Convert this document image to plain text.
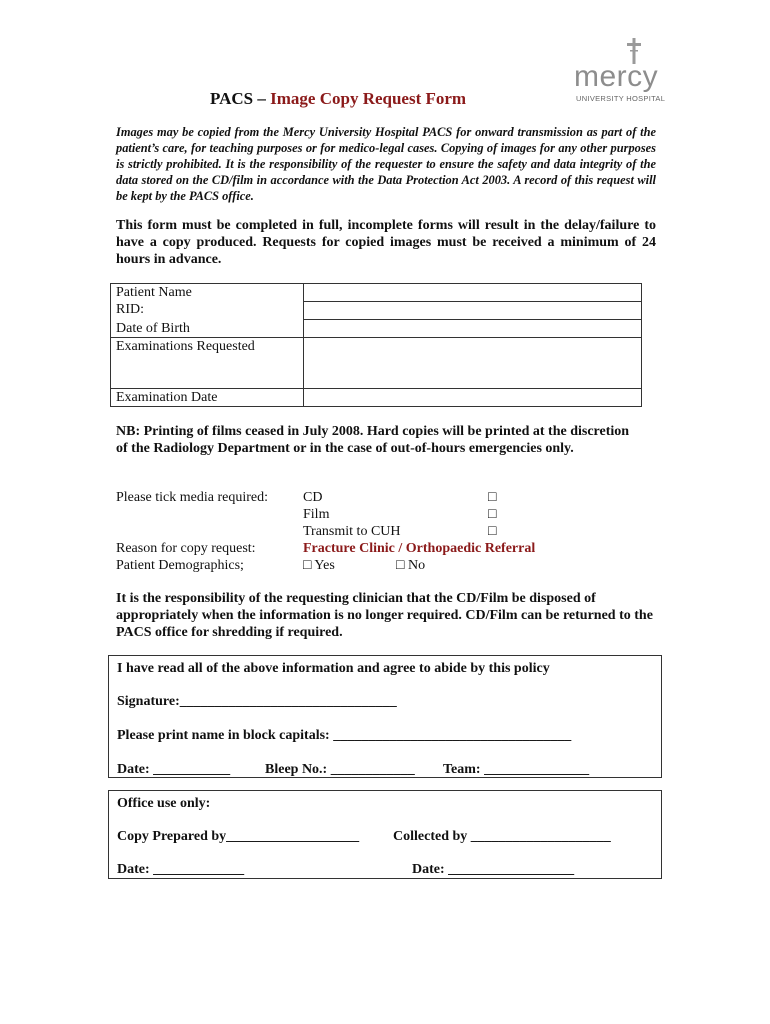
mercy
UNIVERSITY HOSPITAL
PACS – Image Copy Request Form
Images may be copied from the Mercy University Hospital PACS for onward transmission as part of the patient’s care, for teaching purposes or for medico-legal cases. Copying of images for any other purposes is strictly prohibited. It is the responsibility of the requester to ensure the safety and data integrity of the data stored on the CD/film in accordance with the Data Protection Act 2003. A record of this request will be kept by the PACS office.
This form must be completed in full, incomplete forms will result in the delay/failure to have a copy produced. Requests for copied images must be received a minimum of 24 hours in advance.
Patient Name
RID:	

Date of Birth	
Examinations Requested	
Examination Date	
NB: Printing of films ceased in July 2008. Hard copies will be printed at the discretion of the Radiology Department or in the case of out-of-hours emergencies only.
Please tick media required:	CD	□
Film	□
Transmit to CUH	□
Reason for copy request:	Fracture Clinic / Orthopaedic Referral
Patient Demographics;	□ Yes	□ No
It is the responsibility of the requesting clinician that the CD/Film be disposed of appropriately when the information is no longer required. CD/Film can be returned to the PACS office for shredding if required.
I have read all of the above information and agree to abide by this policy
Signature:_______________________________
Please print name in block capitals: __________________________________
Date: ___________ Bleep No.: ____________ Team: _______________
Office use only:
Copy Prepared by___________________ Collected by ____________________
Date: _____________	Date: __________________
